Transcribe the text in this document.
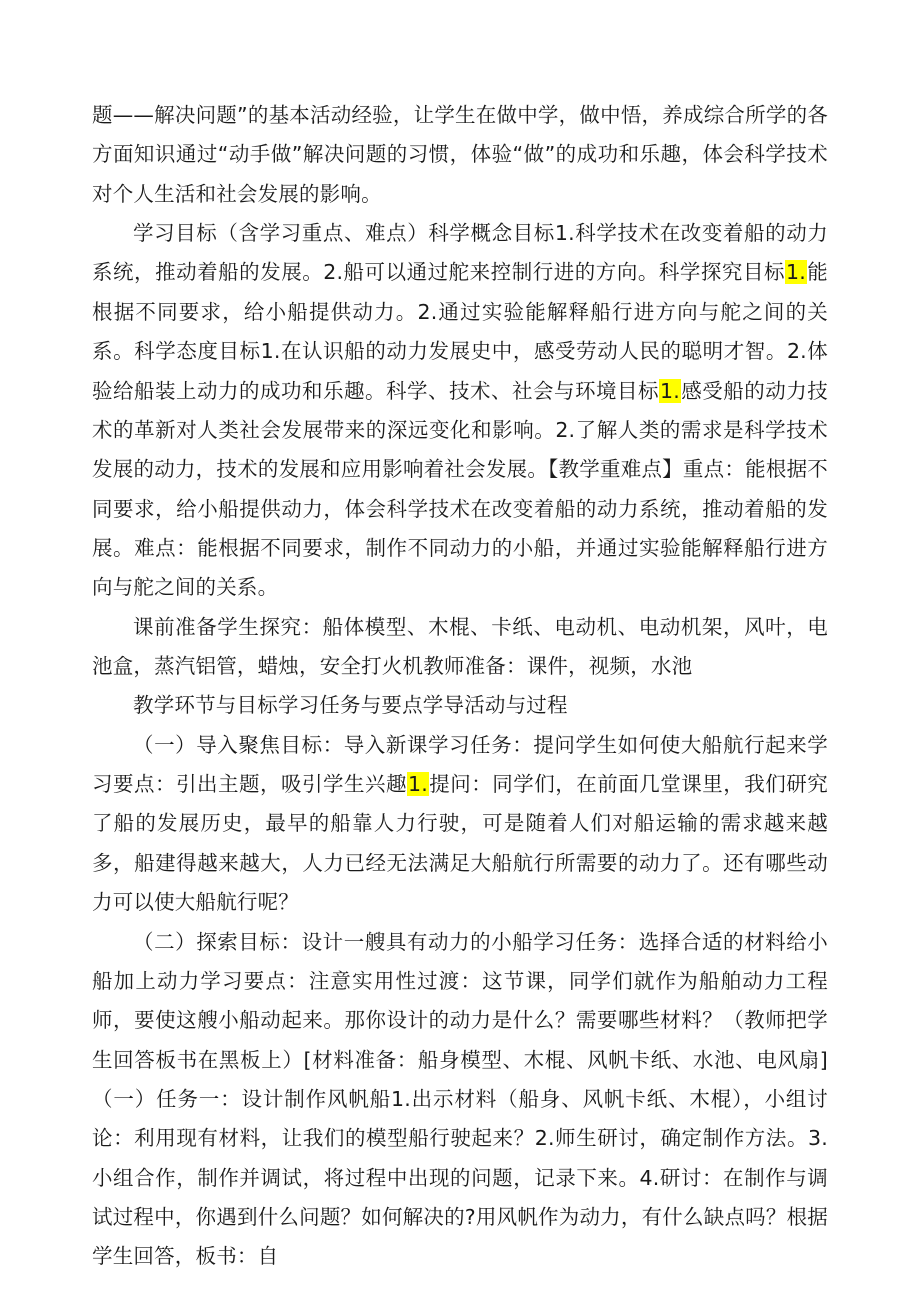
题——解决问题”的基本活动经验，让学生在做中学，做中悟，养成综合所学的各方面知识通过“动手做”解决问题的习惯，体验“做”的成功和乐趣，体会科学技术对个人生活和社会发展的影响。

学习目标（含学习重点、难点）科学概念目标1.科学技术在改变着船的动力系统，推动着船的发展。2.船可以通过舵来控制行进的方向。科学探究目标1.能根据不同要求，给小船提供动力。2.通过实验能解释船行进方向与舵之间的关系。科学态度目标1.在认识船的动力发展史中，感受劳动人民的聪明才智。2.体验给船装上动力的成功和乐趣。科学、技术、社会与环境目标1.感受船的动力技术的革新对人类社会发展带来的深远变化和影响。2.了解人类的需求是科学技术发展的动力，技术的发展和应用影响着社会发展。【教学重难点】重点：能根据不同要求，给小船提供动力，体会科学技术在改变着船的动力系统，推动着船的发展。难点：能根据不同要求，制作不同动力的小船，并通过实验能解释船行进方向与舵之间的关系。

课前准备学生探究：船体模型、木棍、卡纸、电动机、电动机架，风叶，电池盒，蒸汽铝管，蜡烛，安全打火机教师准备：课件，视频，水池

教学环节与目标学习任务与要点学导活动与过程

（一）导入聚焦目标：导入新课学习任务：提问学生如何使大船航行起来学习要点：引出主题，吸引学生兴趣1.提问：同学们，在前面几堂课里，我们研究了船的发展历史，最早的船靠人力行驶，可是随着人们对船运输的需求越来越多，船建得越来越大，人力已经无法满足大船航行所需要的动力了。还有哪些动力可以使大船航行呢？

（二）探索目标：设计一艘具有动力的小船学习任务：选择合适的材料给小船加上动力学习要点：注意实用性过渡：这节课，同学们就作为船舶动力工程师，要使这艘小船动起来。那你设计的动力是什么？需要哪些材料？（教师把学生回答板书在黑板上）[材料准备：船身模型、木棍、风帆卡纸、水池、电风扇]（一）任务一：设计制作风帆船1.出示材料（船身、风帆卡纸、木棍），小组讨论：利用现有材料，让我们的模型船行驶起来？2.师生研讨，确定制作方法。3.小组合作，制作并调试，将过程中出现的问题，记录下来。4.研讨：在制作与调试过程中，你遇到什么问题？如何解决的?用风帆作为动力，有什么缺点吗？根据学生回答，板书：自
